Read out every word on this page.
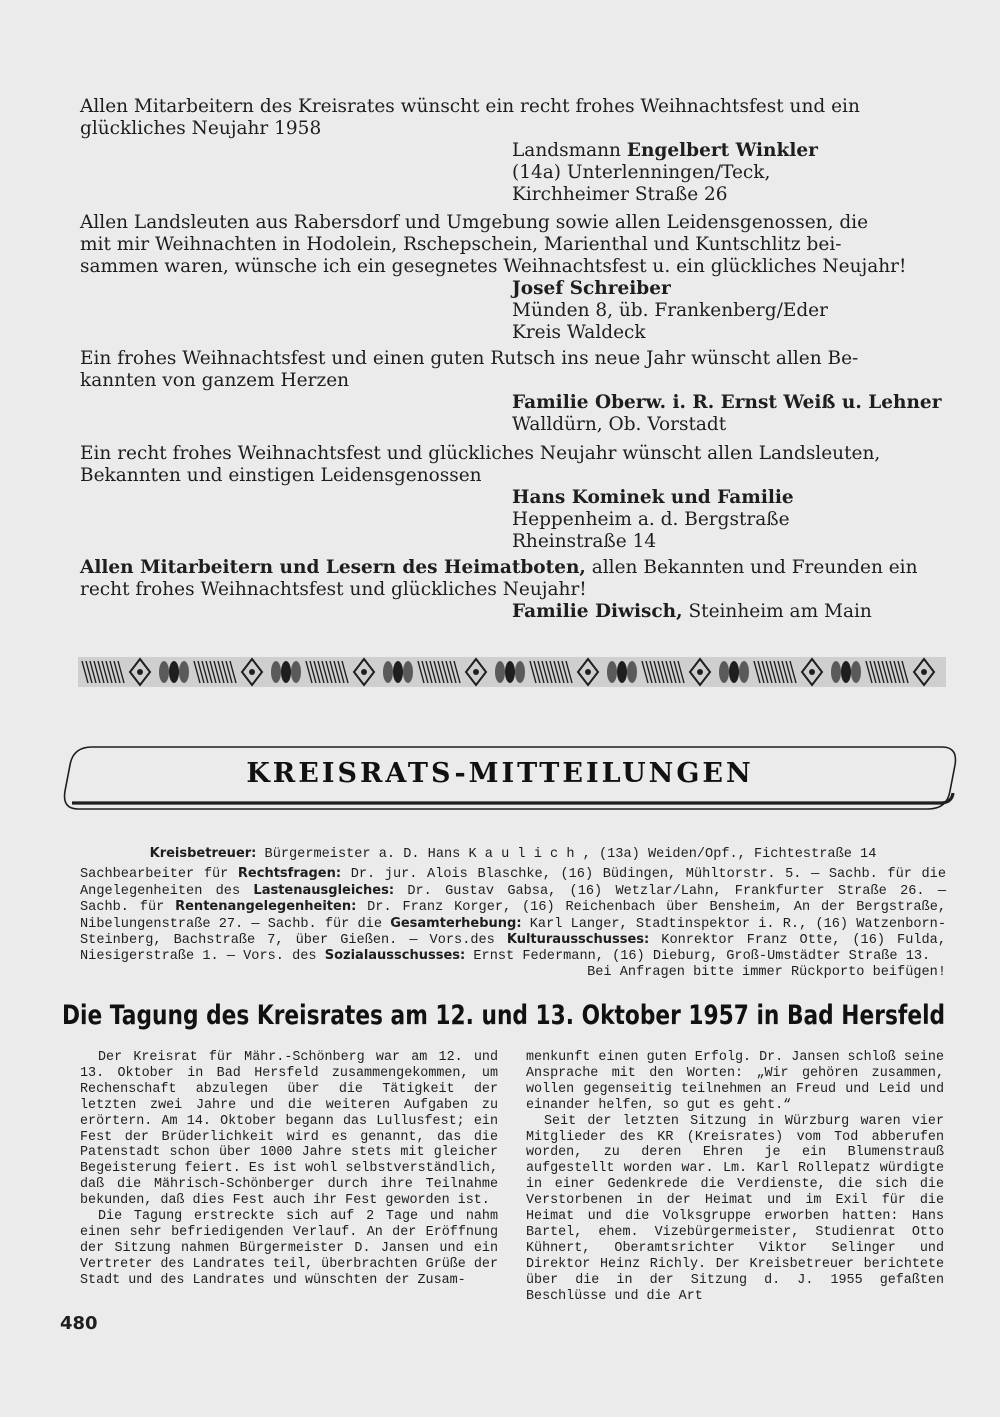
Allen Mitarbeitern des Kreisrates wünscht ein recht frohes Weihnachtsfest und ein
glückliches Neujahr 1958

Landsmann Engelbert Winkler
(14a) Unterlenningen/Teck,
Kirchheimer Straße 26

Allen Landsleuten aus Rabersdorf und Umgebung sowie allen Leidensgenossen, die
mit mir Weihnachten in Hodolein, Rschepschein, Marienthal und Kuntschlitz bei-
sammen waren, wünsche ich ein gesegnetes Weihnachtsfest u. ein glückliches Neujahr!

Josef Schreiber
Münden 8, üb. Frankenberg/Eder
Kreis Waldeck

Ein frohes Weihnachtsfest und einen guten Rutsch ins neue Jahr wünscht allen Be-
kannten von ganzem Herzen

Familie Oberw. i. R. Ernst Weiß u. Lehner
Walldürn, Ob. Vorstadt

Ein recht frohes Weihnachtsfest und glückliches Neujahr wünscht allen Landsleuten,
Bekannten und einstigen Leidensgenossen

Hans Kominek und Familie
Heppenheim a. d. Bergstraße
Rheinstraße 14

Allen Mitarbeitern und Lesern des Heimatboten, allen Bekannten und Freunden ein
recht frohes Weihnachtsfest und glückliches Neujahr!

Familie Diwisch, Steinheim am Main
KREISRATS-MITTEILUNGEN

Kreisbetreuer: Bürgermeister a. D. Hans K a u l i c h , (13a) Weiden/Opf., Fichtestraße 14

Sachbearbeiter für Rechtsfragen: Dr. jur. Alois Blaschke, (16) Büdingen, Mühltorstr. 5. — Sachb. für die Angelegenheiten des Lastenausgleiches: Dr. Gustav Gabsa, (16) Wetzlar/Lahn, Frankfurter Straße 26. — Sachb. für Rentenangelegenheiten: Dr. Franz Korger, (16) Reichenbach über Bensheim, An der Bergstraße, Nibelungenstraße 27. — Sachb. für die Gesamterhebung: Karl Langer, Stadtinspektor i. R., (16) Watzenborn-Steinberg, Bachstraße 7, über Gießen. — Vors.des Kulturausschusses: Konrektor Franz Otte, (16) Fulda, Niesigerstraße 1. — Vors. des Sozialausschusses: Ernst Federmann, (16) Dieburg, Groß-Umstädter Straße 13.

Bei Anfragen bitte immer Rückporto beifügen!

Die Tagung des Kreisrates am 12. und 13. Oktober 1957 in Bad Hersfeld

Der Kreisrat für Mähr.-Schönberg war am 12. und 13. Oktober in Bad Hersfeld zusammengekommen, um Rechenschaft abzulegen über die Tätigkeit der letzten zwei Jahre und die weiteren Aufgaben zu erörtern. Am 14. Oktober begann das Lullusfest; ein Fest der Brüderlichkeit wird es genannt, das die Patenstadt schon über 1000 Jahre stets mit gleicher Begeisterung feiert. Es ist wohl selbstverständlich, daß die Mährisch-Schönberger durch ihre Teilnahme bekunden, daß dies Fest auch ihr Fest geworden ist.

Die Tagung erstreckte sich auf 2 Tage und nahm einen sehr befriedigenden Verlauf. An der Eröffnung der Sitzung nahmen Bürgermeister D. Jansen und ein Vertreter des Landrates teil, überbrachten Grüße der Stadt und des Landrates und wünschten der Zusam-

menkunft einen guten Erfolg. Dr. Jansen schloß seine Ansprache mit den Worten: „Wir gehören zusammen, wollen gegenseitig teilnehmen an Freud und Leid und einander helfen, so gut es geht.“

Seit der letzten Sitzung in Würzburg waren vier Mitglieder des KR (Kreisrates) vom Tod abberufen worden, zu deren Ehren je ein Blumenstrauß aufgestellt worden war. Lm. Karl Rollepatz würdigte in einer Gedenkrede die Verdienste, die sich die Verstorbenen in der Heimat und im Exil für die Heimat und die Volksgruppe erworben hatten: Hans Bartel, ehem. Vizebürgermeister, Studienrat Otto Kühnert, Oberamtsrichter Viktor Selinger und Direktor Heinz Richly. Der Kreisbetreuer berichtete über die in der Sitzung d. J. 1955 gefaßten Beschlüsse und die Art

480
